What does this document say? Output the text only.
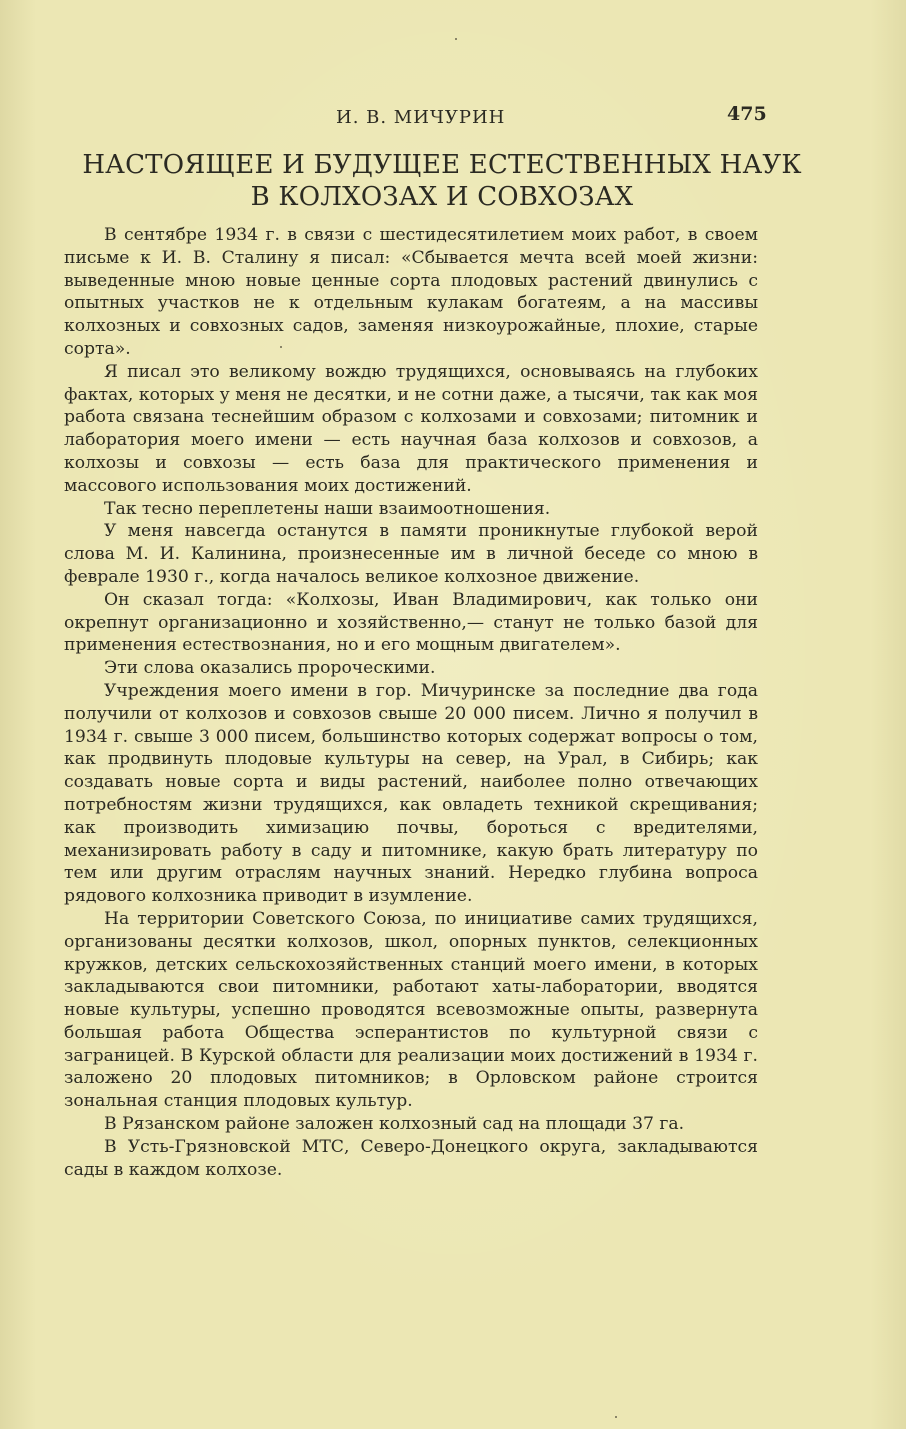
И. В. МИЧУРИН	475
НАСТОЯЩЕЕ И БУДУЩЕЕ ЕСТЕСТВЕННЫХ НАУК
В КОЛХОЗАХ И СОВХОЗАХ

В сентябре 1934 г. в связи с шестидесятилетием моих работ, в своем письме к И. В. Сталину я писал: «Сбывается мечта всей моей жизни: выведенные мною новые ценные сорта плодовых растений двинулись с опытных участков не к отдельным кулакам богатеям, а на массивы колхозных и совхозных садов, заменяя низкоурожайные, плохие, старые сорта».

Я писал это великому вождю трудящихся, основываясь на глубоких фактах, которых у меня не десятки, и не сотни даже, а тысячи, так как моя работа связана теснейшим образом с колхозами и совхозами; питомник и лаборатория моего имени — есть научная база колхозов и совхозов, а колхозы и совхозы — есть база для практического применения и массового использования моих достижений.

Так тесно переплетены наши взаимоотношения.

У меня навсегда останутся в памяти проникнутые глубокой верой слова М. И. Калинина, произнесенные им в личной беседе со мною в феврале 1930 г., когда началось великое колхозное движение.

Он сказал тогда: «Колхозы, Иван Владимирович, как только они окрепнут организационно и хозяйственно,— станут не только базой для применения естествознания, но и его мощным двигателем».

Эти слова оказались пророческими.

Учреждения моего имени в гор. Мичуринске за последние два года получили от колхозов и совхозов свыше 20 000 писем. Лично я получил в 1934 г. свыше 3 000 писем, большинство которых содержат вопросы о том, как продвинуть плодовые культуры на север, на Урал, в Сибирь; как создавать новые сорта и виды растений, наиболее полно отвечающих потребностям жизни трудящихся, как овладеть техникой скрещивания; как производить химизацию почвы, бороться с вредителями, механизировать работу в саду и питомнике, какую брать литературу по тем или другим отраслям научных знаний. Нередко глубина вопроса рядового колхозника приводит в изумление.

На территории Советского Союза, по инициативе самих трудящихся, организованы десятки колхозов, школ, опорных пунктов, селекционных кружков, детских сельскохозяйственных станций моего имени, в которых закладываются свои питомники, работают хаты-лаборатории, вводятся новые культуры, успешно проводятся всевозможные опыты, развернута большая работа Общества эсперантистов по культурной связи с заграницей. В Курской области для реализации моих достижений в 1934 г. заложено 20 плодовых питомников; в Орловском районе строится зональная станция плодовых культур.

В Рязанском районе заложен колхозный сад на площади 37 га.

В Усть-Грязновской МТС, Северо-Донецкого округа, закладываются сады в каждом колхозе.
